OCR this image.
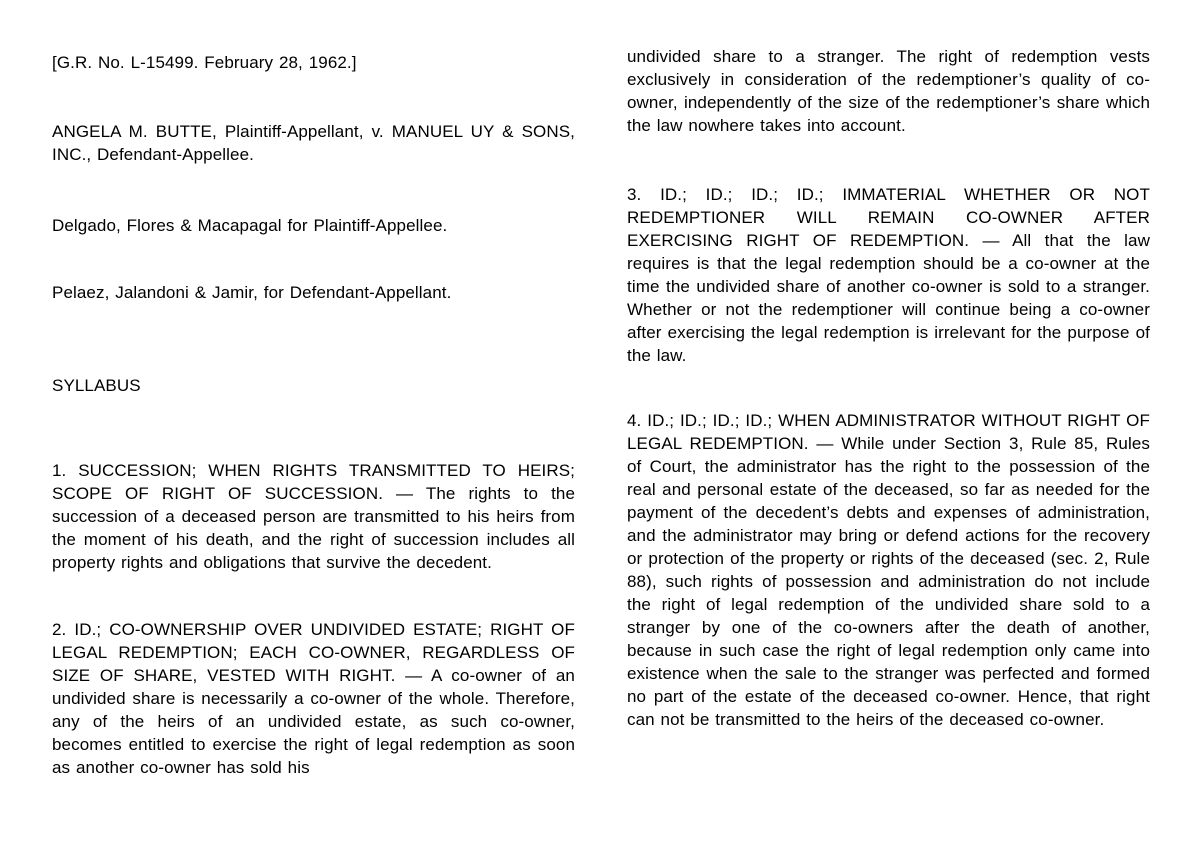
[G.R. No. L-15499. February 28, 1962.]

ANGELA M. BUTTE, Plaintiff-Appellant, v. MANUEL UY & SONS, INC., Defendant-Appellee.

Delgado, Flores & Macapagal for Plaintiff-Appellee.

Pelaez, Jalandoni & Jamir, for Defendant-Appellant.

SYLLABUS

1. SUCCESSION; WHEN RIGHTS TRANSMITTED TO HEIRS; SCOPE OF RIGHT OF SUCCESSION. — The rights to the succession of a deceased person are transmitted to his heirs from the moment of his death, and the right of succession includes all property rights and obligations that survive the decedent.

2. ID.; CO-OWNERSHIP OVER UNDIVIDED ESTATE; RIGHT OF LEGAL REDEMPTION; EACH CO-OWNER, REGARDLESS OF SIZE OF SHARE, VESTED WITH RIGHT. — A co-owner of an undivided share is necessarily a co-owner of the whole. Therefore, any of the heirs of an undivided estate, as such co-owner, becomes entitled to exercise the right of legal redemption as soon as another co-owner has sold his

undivided share to a stranger. The right of redemption vests exclusively in consideration of the redemptioner’s quality of co-owner, independently of the size of the redemptioner’s share which the law nowhere takes into account.

3. ID.; ID.; ID.; ID.; IMMATERIAL WHETHER OR NOT REDEMPTIONER WILL REMAIN CO-OWNER AFTER EXERCISING RIGHT OF REDEMPTION. — All that the law requires is that the legal redemption should be a co-owner at the time the undivided share of another co-owner is sold to a stranger. Whether or not the redemptioner will continue being a co-owner after exercising the legal redemption is irrelevant for the purpose of the law.

4. ID.; ID.; ID.; ID.; WHEN ADMINISTRATOR WITHOUT RIGHT OF LEGAL REDEMPTION. — While under Section 3, Rule 85, Rules of Court, the administrator has the right to the possession of the real and personal estate of the deceased, so far as needed for the payment of the decedent’s debts and expenses of administration, and the administrator may bring or defend actions for the recovery or protection of the property or rights of the deceased (sec. 2, Rule 88), such rights of possession and administration do not include the right of legal redemption of the undivided share sold to a stranger by one of the co-owners after the death of another, because in such case the right of legal redemption only came into existence when the sale to the stranger was perfected and formed no part of the estate of the deceased co-owner. Hence, that right can not be transmitted to the heirs of the deceased co-owner.
